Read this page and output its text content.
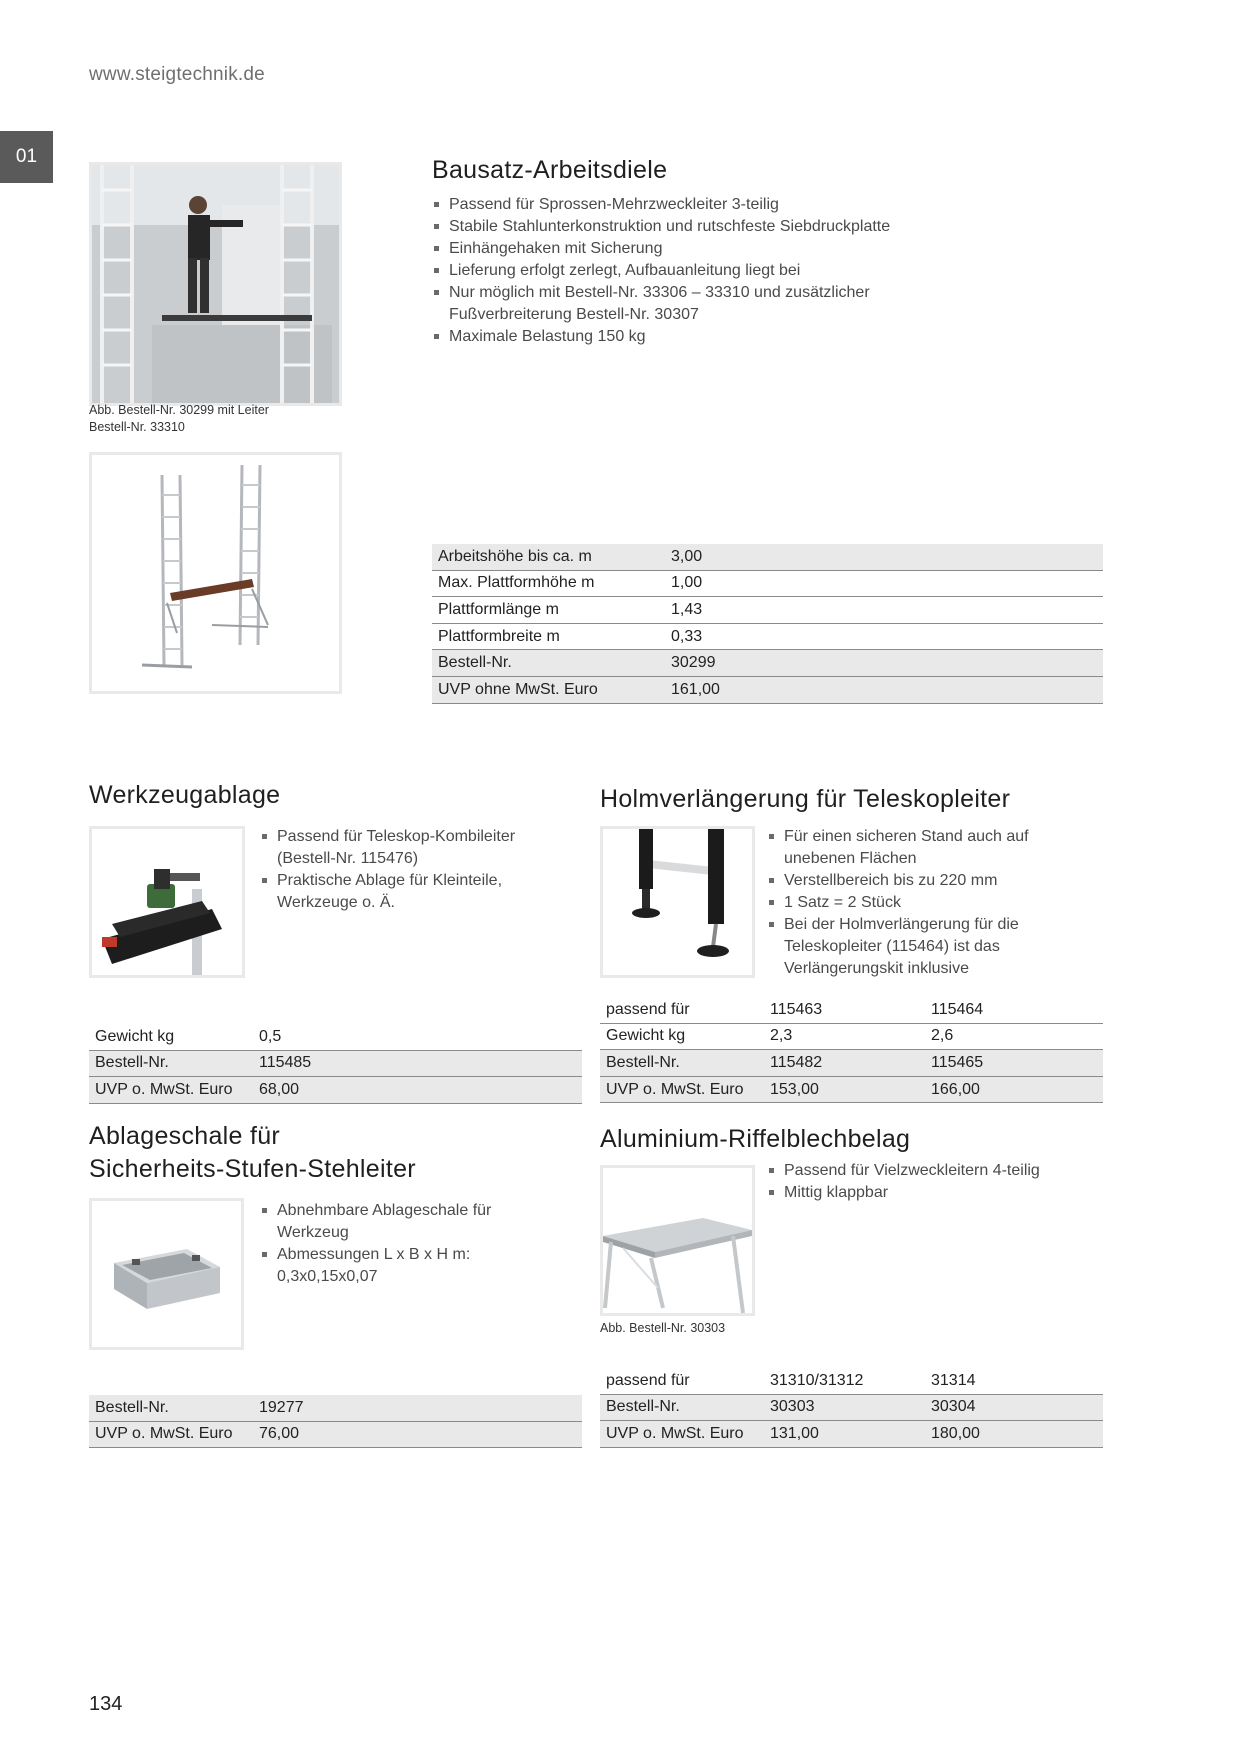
www.steigtechnik.de
01
Abb. Bestell-Nr. 30299 mit Leiter
Bestell-Nr. 33310
Bausatz-Arbeitsdiele
Passend für Sprossen-Mehrzweckleiter 3-teilig
Stabile Stahlunterkonstruktion und rutschfeste Siebdruckplatte
Einhängehaken mit Sicherung
Lieferung erfolgt zerlegt, Aufbauanleitung liegt bei
Nur möglich mit Bestell-Nr. 33306 – 33310 und zusätzlicher Fußverbreiterung Bestell-Nr. 30307
Maximale Belastung 150 kg
Arbeitshöhe bis ca. m	3,00
Max. Plattformhöhe m	1,00
Plattformlänge m	1,43
Plattformbreite m	0,33
Bestell-Nr.	30299
UVP ohne MwSt. Euro	161,00
Werkzeugablage
Passend für Teleskop-Kombileiter (Bestell-Nr. 115476)
Praktische Ablage für Kleinteile, Werkzeuge o. Ä.
Gewicht kg	0,5
Bestell-Nr.	115485
UVP o. MwSt. Euro	68,00
Holmverlängerung für Teleskopleiter
Für einen sicheren Stand auch auf unebenen Flächen
Verstellbereich bis zu 220 mm
1 Satz = 2 Stück
Bei der Holmverlängerung für die Teleskopleiter (115464) ist das Verlängerungskit inklusive
passend für	115463	115464
Gewicht kg	2,3	2,6
Bestell-Nr.	115482	115465
UVP o. MwSt. Euro	153,00	166,00
Ablageschale für
Sicherheits-Stufen-Stehleiter
Abnehmbare Ablageschale für Werkzeug
Abmessungen L x B x H m: 0,3x0,15x0,07
Bestell-Nr.	19277
UVP o. MwSt. Euro	76,00
Aluminium-Riffelblechbelag
Abb. Bestell-Nr. 30303
Passend für Vielzweckleitern 4-teilig
Mittig klappbar
passend für	31310/31312	31314
Bestell-Nr.	30303	30304
UVP o. MwSt. Euro	131,00	180,00
134
